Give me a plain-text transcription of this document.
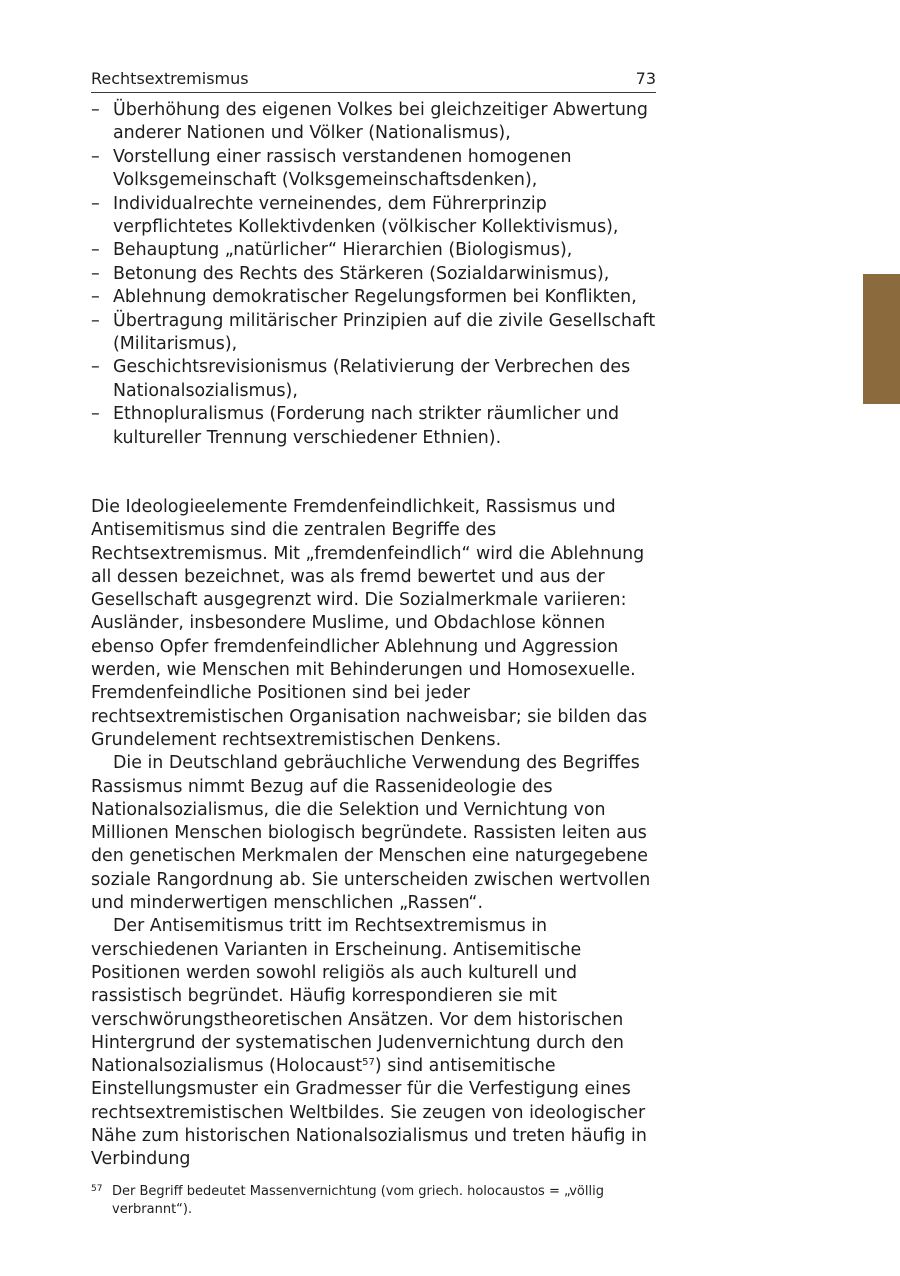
Rechtsextremismus	73
– Überhöhung des eigenen Volkes bei gleichzeitiger Abwertung anderer Nationen und Völker (Nationalismus),
– Vorstellung einer rassisch verstandenen homogenen Volksgemeinschaft (Volksgemeinschaftsdenken),
– Individualrechte verneinendes, dem Führerprinzip verpflichtetes Kollektivdenken (völkischer Kollektivismus),
– Behauptung „natürlicher“ Hierarchien (Biologismus),
– Betonung des Rechts des Stärkeren (Sozialdarwinismus),
– Ablehnung demokratischer Regelungsformen bei Konflikten,
– Übertragung militärischer Prinzipien auf die zivile Gesellschaft (Militarismus),
– Geschichtsrevisionismus (Relativierung der Verbrechen des Nationalsozialismus),
– Ethnopluralismus (Forderung nach strikter räumlicher und kultureller Trennung verschiedener Ethnien).

Die Ideologieelemente Fremdenfeindlichkeit, Rassismus und Antisemitismus sind die zentralen Begriffe des Rechtsextremismus. Mit „fremdenfeindlich“ wird die Ablehnung all dessen bezeichnet, was als fremd bewertet und aus der Gesellschaft ausgegrenzt wird. Die Sozialmerkmale variieren: Ausländer, insbesondere Muslime, und Obdachlose können ebenso Opfer fremdenfeindlicher Ablehnung und Aggression werden, wie Menschen mit Behinderungen und Homosexuelle. Fremdenfeindliche Positionen sind bei jeder rechtsextremistischen Organisation nachweisbar; sie bilden das Grundelement rechtsextremistischen Denkens.

Die in Deutschland gebräuchliche Verwendung des Begriffes Rassismus nimmt Bezug auf die Rassenideologie des Nationalsozialismus, die die Selektion und Vernichtung von Millionen Menschen biologisch begründete. Rassisten leiten aus den genetischen Merkmalen der Menschen eine naturgegebene soziale Rangordnung ab. Sie unterscheiden zwischen wertvollen und minderwertigen menschlichen „Rassen“.

Der Antisemitismus tritt im Rechtsextremismus in verschiedenen Varianten in Erscheinung. Antisemitische Positionen werden sowohl religiös als auch kulturell und rassistisch begründet. Häufig korrespondieren sie mit verschwörungstheoretischen Ansätzen. Vor dem historischen Hintergrund der systematischen Judenvernichtung durch den Nationalsozialismus (Holocaust$^{57}$) sind antisemitische Einstellungsmuster ein Gradmesser für die Verfestigung eines rechtsextremistischen Weltbildes. Sie zeugen von ideologischer Nähe zum historischen Nationalsozialismus und treten häufig in Verbindung

57 Der Begriff bedeutet Massenvernichtung (vom griech. holocaustos = „völlig verbrannt“).
